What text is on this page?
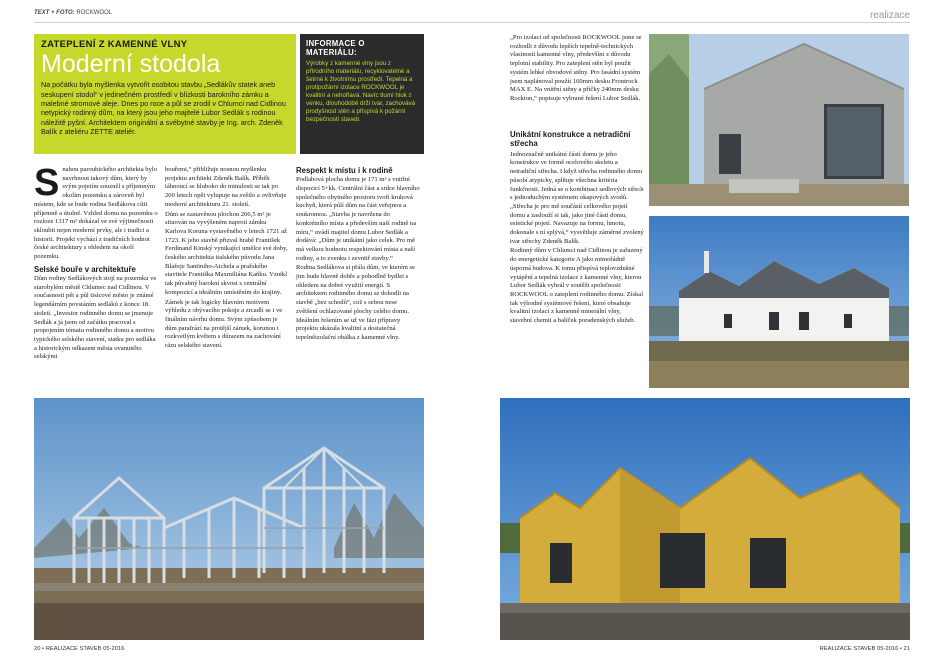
TEXT + FOTO: ROCKWOOL
ZATEPLENÍ Z KAMENNÉ VLNY
Moderní stodola
Na počátku byla myšlenka vytvořit osobitou stavbu „Sedlákův statek aneb seskupení stodol“ v jedinečném prostředí v blízkosti barokního zámku a malebné stromové aleje. Dnes po roce a půl se zrodil v Chlumci nad Cidlinou netypický rodinný dům, na který jsou jeho majitelé Lubor Sedlák s rodinou náležitě pyšní. Architektem originální a svébytné stavby je Ing. arch. Zdeněk Balík z ateliéru ZETTE ateliér.
INFORMACE O MATERIÁLU:
Výrobky z kamenné vlny jsou z přírodního materiálu, recyklovatelné a šetrné k životnímu prostředí. Tepelná a protipožární izolace ROCKWOOL je kvalitní a nehořlavá. Navíc tlumí hluk z venku, dlouhodobě drží tvar, zachovává prodyšnost stěn a přispívá k požární bezpečnosti staveb.

Snahou paroubického architekta bylo navrhnout takový dům, který by svým pojetím souzněl s příjemným okolím pozemku a zároveň byl místem, kde se bude rodina Sedlákova cítit příjemně a útulně. Vzhled domu na pozemku o rozloze 1317 m² dokázal ve své výjimečnosti skloubit nejen moderní prvky, ale i tradici a historii. Projekt vychází z tradičních hodnot české architektury s ohledem na okolí pozemku.

Selské bouře v architektuře

Dům rodiny Sedlákových stojí na pozemku ve starobylém městě Chlumec nad Cidlinou. V současnosti pět a půl tisícové město je známé legendárním povstáním sedláků z konce 18. století. „Investor rodinného domu se jmenuje Sedlák a já jsem od začátku pracoval s propojením tématu rodinného domu a motivu typického selského stavení, statku pro sedláka a historickým odkazem města ovanutého selskými

bouřemi,“ přibližuje nosnou myšlenku projektu architekt Zdeněk Balík. Příběh táhnoucí se hluboko do minulosti se tak po 200 letech opět vylupuje na světlo a ovlivňuje moderní architekturu 21. století.

Dům se zastavěnou plochou 206,5 m² je situován na vyvýšeném naproti zámku Karlova Koruna vystavěného v letech 1721 až 1723. K jeho stavbě přizval hrabě František Ferdinand Kinský vynikající umělce své doby, českého architekta italského původu Jana Blažeje Santiniho-Aichela a pražského stavitele Františka Maxmiliána Kaňku. Vznikl tak půvabný barokní skvost s centrální kompozicí a ideálním umístěním do krajiny.

Zámek je tak logicky hlavním motivem výhledu z obývacího pokoje a zrcadlí se i ve finálním návrhu domu. Svým způsobem je dům parafrází na protější zámek, korunou i rozkvetlým květem s důrazem na zachování rázu selského stavení.

Respekt k místu i k rodině

Podlahová plocha domu je 171 m² s vnitřní dispozicí 5+kk. Centrální část a srdce hlavního společného obytného prostoru tvoří kruhová kuchyň, která půlí dům na část veřejnou a soukromou. „Stavba je navržena do konkrétního místa a především naší rodině na míru,“ uvádí majitel domu Lubor Sedlák a dodává: „Dům je unikátní jako celek. Pro mě má velkou hodnotu respektování místa a naší rodiny, a to zvenku i zevnitř stavby.“

Rodina Sedlákova si přála dům, ve kterém se jim bude hlavně dobře a pohodlně bydlet s ohledem na dobré využití energií. S architektem rodinného domu se dohodli na stavbě „bez schodů“, což s sebou nese zvětšení ochlazované plochy celého domu. Ideálním řešením se už ve fázi přípravy projektu ukázala kvalitní a dostatečná tepelněizolační obálka z kamenné vlny.

20 • REALIZACE STAVEB 05-2016
realizace

„Pro izolaci od společnosti ROCKWOOL jsme se rozhodli z důvodu lepších tepelně-technických vlastností kamenné vlny, především z důvodu teplotní stability. Pro zateplení stěn byl použit systém lehké obvodové stěny. Pro fasádní systém jsem naplánoval použít 160mm desku Frontrock MAX E. Na vnitřní stěny a příčky 240mm desku Rockton,“ popisuje vybrané řešení Lubor Sedlák.

Unikátní konstrukce a netradiční střecha

Jednoznačně unikátní částí domu je jeho konstrukce ve formě ocelového skeletu a netradiční střecha. I když střecha rodinného domu působí atypicky, splňuje všechna kritéria funkčnosti. Jedná se o kombinaci sedlových střech s jednoduchým systémem okapových svodů. „Střecha je pro mě součástí celkového pojetí domu a zaslouží si tak, jako jiné části domu, estetické pojetí. Navazuje na formu, hmotu, dokonale s ní splývá,“ vysvětluje záměrné zvolený tvar střechy Zdeněk Balík.

Rodinný dům v Chlumci nad Cidlinou je zařazený do energetické kategorie A jako mimořádně úsporná budova. K tomu přispívá teplovzdušné vytápění a tepelná izolace z kamenné vlny, kterou Lubor Sedlák vyhrál v soutěži společnosti ROCKWOOL o zateplení rodinného domu. Získal tak výhodné systémové řešení, které obsahuje kvalitní izolaci z kamenné minerální vlny, stavební chemii a balíček poradenských služeb.

REALIZACE STAVEB 05-2016 • 21
